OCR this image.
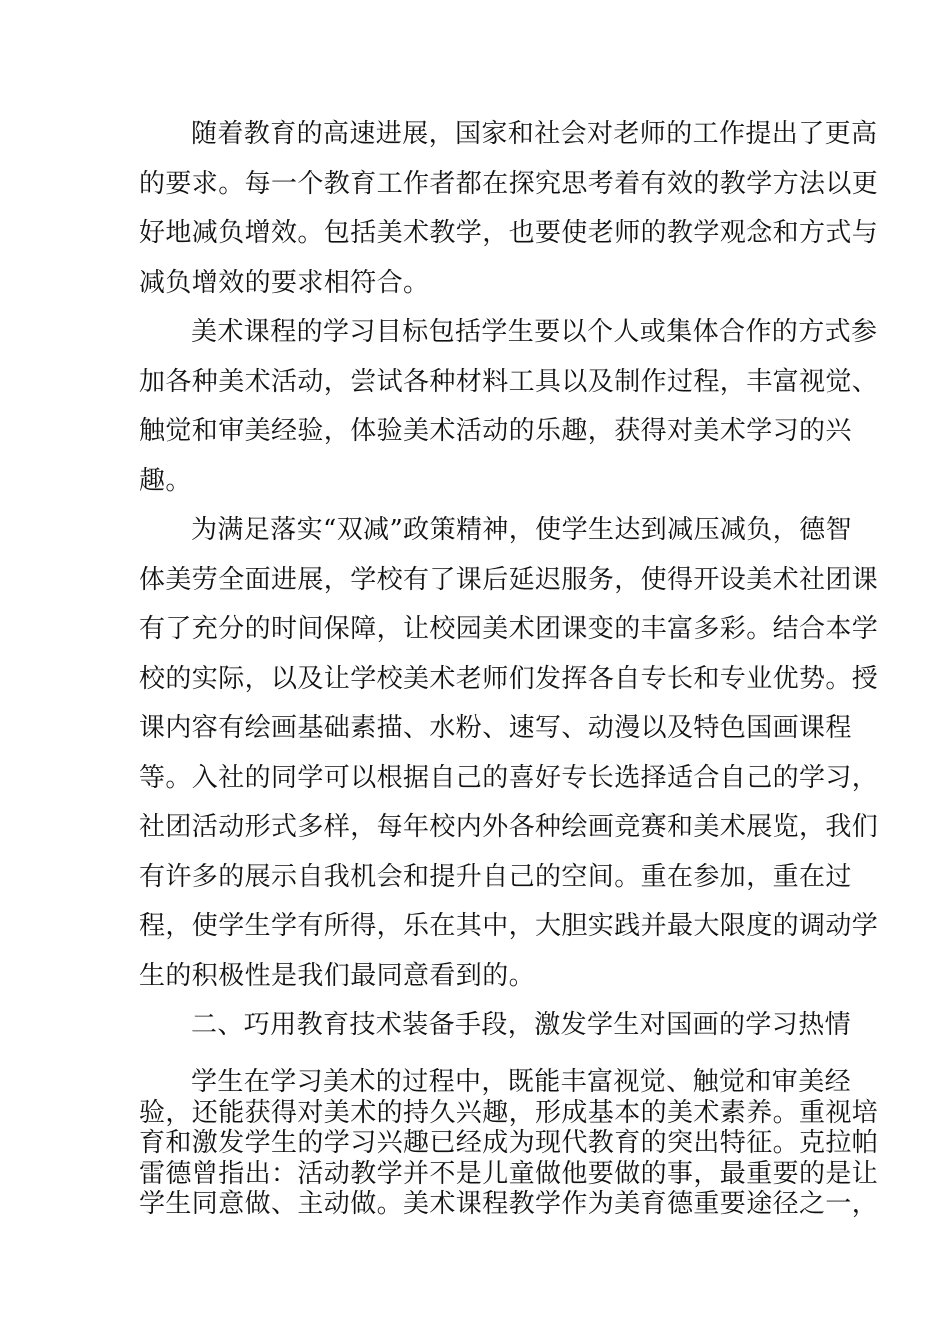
随着教育的高速进展，国家和社会对老师的工作提出了更高
的要求。每一个教育工作者都在探究思考着有效的教学方法以更
好地减负增效。包括美术教学，也要使老师的教学观念和方式与
减负增效的要求相符合。
美术课程的学习目标包括学生要以个人或集体合作的方式参
加各种美术活动，尝试各种材料工具以及制作过程，丰富视觉、
触觉和审美经验，体验美术活动的乐趣，获得对美术学习的兴
趣。
为满足落实“双减”政策精神，使学生达到减压减负，德智
体美劳全面进展，学校有了课后延迟服务，使得开设美术社团课
有了充分的时间保障，让校园美术团课变的丰富多彩。结合本学
校的实际，以及让学校美术老师们发挥各自专长和专业优势。授
课内容有绘画基础素描、水粉、速写、动漫以及特色国画课程
等。入社的同学可以根据自己的喜好专长选择适合自己的学习，
社团活动形式多样，每年校内外各种绘画竞赛和美术展览，我们
有许多的展示自我机会和提升自己的空间。重在参加，重在过
程，使学生学有所得，乐在其中，大胆实践并最大限度的调动学
生的积极性是我们最同意看到的。
二、巧用教育技术装备手段，激发学生对国画的学习热情
学生在学习美术的过程中，既能丰富视觉、触觉和审美经
验，还能获得对美术的持久兴趣，形成基本的美术素养。重视培
育和激发学生的学习兴趣已经成为现代教育的突出特征。克拉帕
雷德曾指出：活动教学并不是儿童做他要做的事，最重要的是让
学生同意做、主动做。美术课程教学作为美育德重要途径之一，
